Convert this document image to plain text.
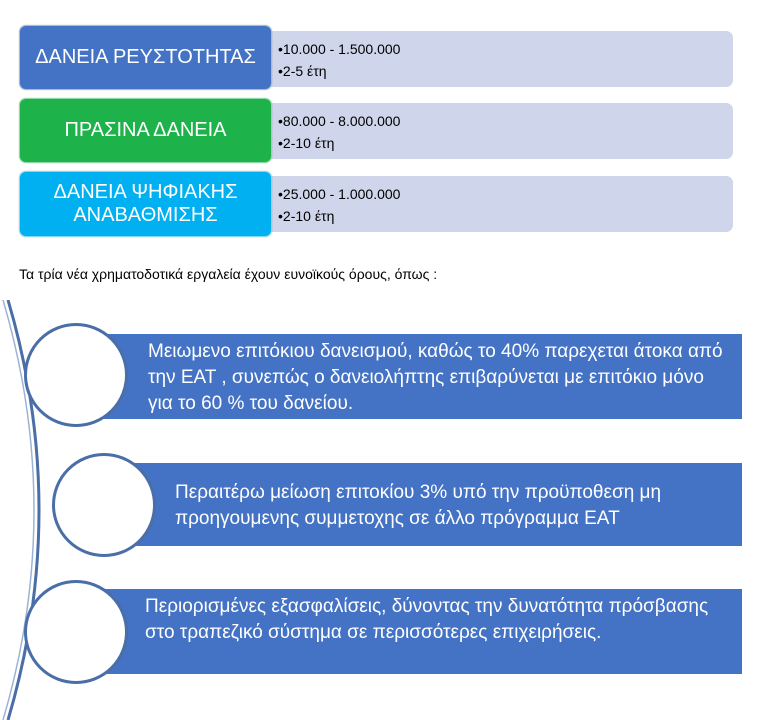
• 10.000 - 1.500.000
• 2-5 έτη
ΔΑΝΕΙΑ ΡΕΥΣΤΟΤΗΤΑΣ
• 80.000 - 8.000.000
• 2-10 έτη
ΠΡΑΣΙΝΑ ΔΑΝΕΙΑ
• 25.000 - 1.000.000
• 2-10 έτη
ΔΑΝΕΙΑ ΨΗΦΙΑΚΗΣ ΑΝΑΒΑΘΜΙΣΗΣ
Τα τρία νέα χρηματοδοτικά εργαλεία έχουν ευνοϊκούς όρους, όπως :
Μειωμενο επιτόκιου δανεισμού, καθώς το 40% παρεχεται άτοκα από την ΕΑΤ , συνεπώς ο δανειολήπτης επιβαρύνεται με επιτόκιο μόνο για το 60 % του δανείου.
Περαιτέρω μείωση επιτοκίου 3% υπό την προϋποθεση μη προηγουμενης συμμετοχης σε άλλο πρόγραμμα ΕΑΤ
Περιορισμένες εξασφαλίσεις, δύνοντας την δυνατότητα πρόσβασης στο τραπεζικό σύστημα σε περισσότερες επιχειρήσεις.
